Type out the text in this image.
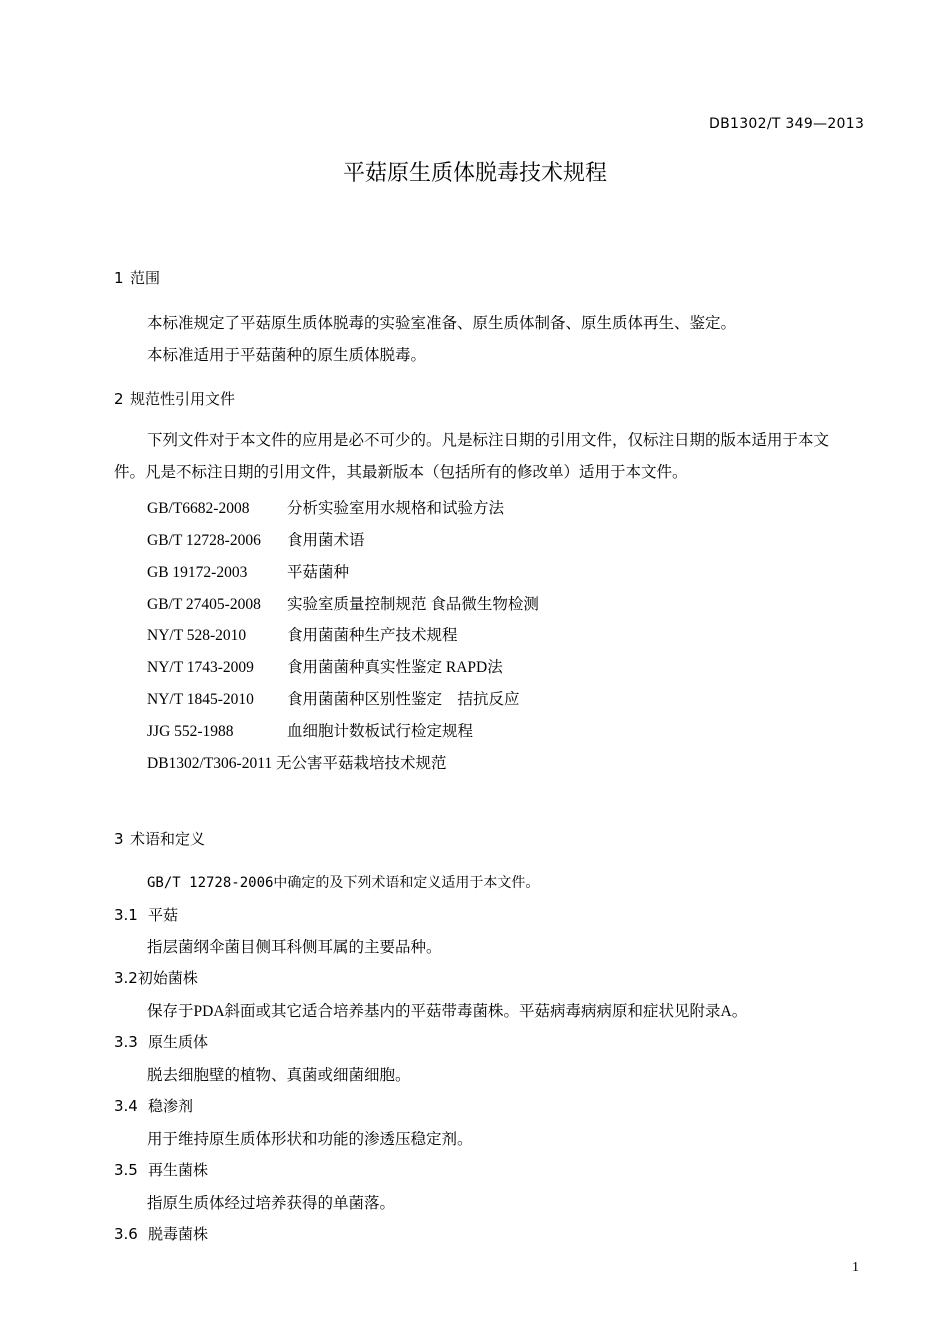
DB1302/T 349—2013
平菇原生质体脱毒技术规程
1 范围
本标准规定了平菇原生质体脱毒的实验室准备、原生质体制备、原生质体再生、鉴定。
本标准适用于平菇菌种的原生质体脱毒。
2 规范性引用文件
下列文件对于本文件的应用是必不可少的。凡是标注日期的引用文件，仅标注日期的版本适用于本文件。凡是不标注日期的引用文件，其最新版本（包括所有的修改单）适用于本文件。
GB/T6682-2008 分析实验室用水规格和试验方法
GB/T 12728-2006 食用菌术语
GB 19172-2003	平菇菌种
GB/T 27405-2008 实验室质量控制规范 食品微生物检测
NY/T 528-2010	食用菌菌种生产技术规程
NY/T 1743-2009 食用菌菌种真实性鉴定 RAPD法
NY/T 1845-2010 食用菌菌种区别性鉴定　拮抗反应
JJG 552-1988	血细胞计数板试行检定规程
DB1302/T306-2011 无公害平菇栽培技术规范
3 术语和定义
GB/T 12728-2006中确定的及下列术语和定义适用于本文件。
3.1 平菇
指层菌纲伞菌目侧耳科侧耳属的主要品种。
3.2初始菌株
保存于PDA斜面或其它适合培养基内的平菇带毒菌株。平菇病毒病病原和症状见附录A。
3.3 原生质体
脱去细胞壁的植物、真菌或细菌细胞。
3.4 稳渗剂
用于维持原生质体形状和功能的渗透压稳定剂。
3.5 再生菌株
指原生质体经过培养获得的单菌落。
3.6 脱毒菌株
1
